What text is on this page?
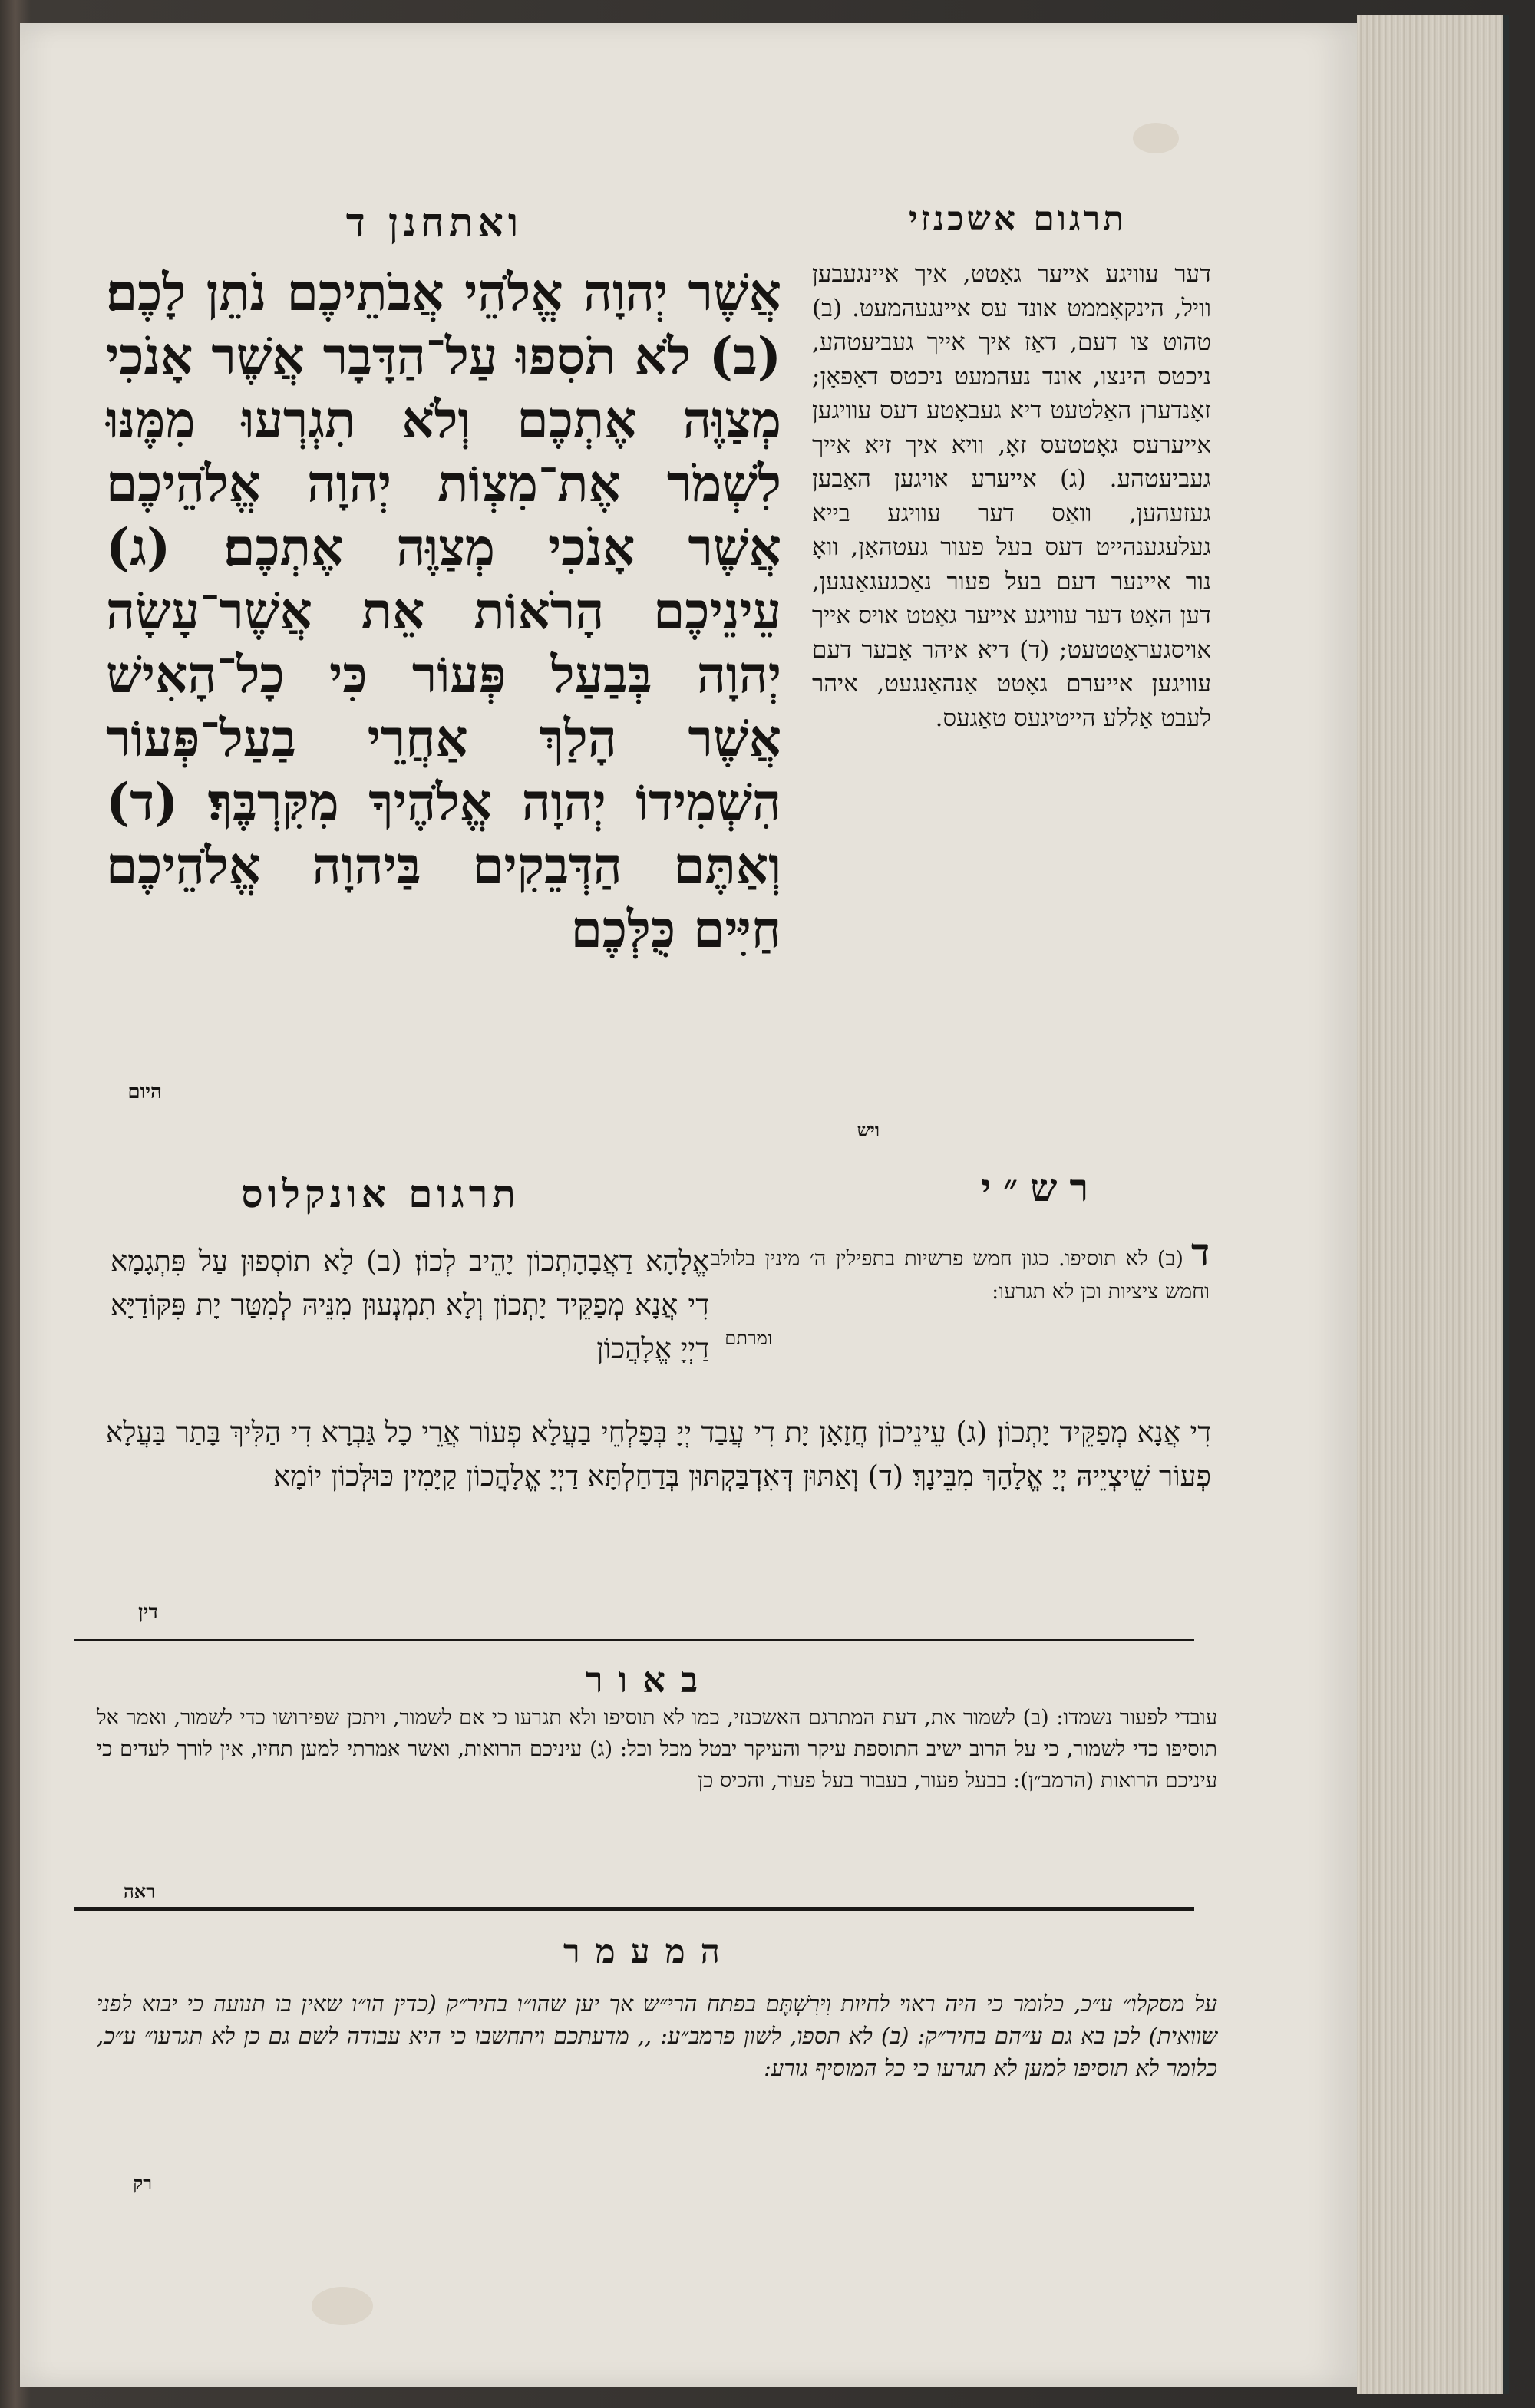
תרגום אשכנזי
ואתחנן ד
אֲשֶׁר יְהוָה אֱלֹהֵי אֲבֹתֵיכֶם נֹתֵן לָכֶם׃ (ב) לֹא תֹסִפוּ עַל־הַדָּבָר אֲשֶׁר אָנֹכִי מְצַוֶּה אֶתְכֶם וְלֹא תִגְרְעוּ מִמֶּנּוּ לִשְׁמֹר אֶת־מִצְוֹת יְהוָה אֱלֹהֵיכֶם אֲשֶׁר אָנֹכִי מְצַוֶּה אֶתְכֶם׃ (ג) עֵינֵיכֶם הָרֹאוֹת אֵת אֲשֶׁר־עָשָׂה יְהוָה בְּבַעַל פְּעוֹר כִּי כָל־הָאִישׁ אֲשֶׁר הָלַךְ אַחֲרֵי בַעַל־פְּעוֹר הִשְׁמִידוֹ יְהוָה אֱלֹהֶיךָ מִקִּרְבֶּךָ׃ (ד) וְאַתֶּם הַדְּבֵקִים בַּיהוָה אֱלֹהֵיכֶם חַיִּים כֻּלְּכֶם
היום
דער עוויגע אייער גאָטט, איך איינגעבען וויל, הינקאָממט אונד עס איינגעהמעט. (ב) טהוט צו דעם, דאַז איך אייך געביעטהע, ניכטס הינצו, אונד נעהמעט ניכטס דאַפאָן; זאָנדערן האַלטעט דיא געבאָטע דעס עוויגען אייערעס גאָטטעס זאָ, וויא איך זיא אייך געביעטהע. (ג) אייערע אויגען האָבען געזעהען, וואַס דער עוויגע בייא געלעגענהייט דעס בעל פעור געטהאַן, וואָ נור איינער דעם בעל פעור נאַכגעגאַנגען, דען האָט דער עוויגע אייער גאָטט אויס אייך אויסגעראָטטעט; (ד) דיא איהר אַבער דעם עוויגען אייערם גאָטט אַנהאַנגעט, איהר לעבט אַללע הייטיגעס טאַגעס.
ויש
רש״י
ד(ב) לא תוסיפו. כגון חמש פרשיות בתפילין ה׳ מינין בלולב וחמש ציציות וכן לא תגרעו:
ומרתם
תרגום אונקלוס
אֱלָהָא דַאֲבָהָתְכוֹן יָהֵיב לְכוֹן׃ (ב) לָא תוֹסְפוּן עַל פִּתְגָמָא דִי אֲנָא מְפַקֵּיד יָתְכוֹן וְלָא תִמְנְעוּן מִנֵּיהּ לְמִטַּר יָת פִּקּוֹדַיָּא דַיְיָ אֱלָהֲכוֹן
דִי אֲנָא מְפַקֵּיד יָתְכוֹן׃ (ג) עֵינֵיכוֹן חֲזָאָן יָת דִי עֲבַד יְיָ בְּפָלְחֵי בַעֲלָא פְעוֹר אֲרֵי כָל גַּבְרָא דִי הַלִּיךְ בָּתַר בַּעֲלָא פְעוֹר שֵׁיצְיֵיהּ יְיָ אֱלָהָךְ מִבֵּינָךְ׃ (ד) וְאַתּוּן דְּאִדְבַּקְתּוּן בְּדַחַלְתָּא דַיְיָ אֱלָהֲכוֹן קַיָּמִין כּוּלְּכוֹן יוֹמָא
דין
באור
עובדי לפעור נשמדו: (ב) לשמור את, דעת המתרגם האשכנזי, כמו לא תוסיפו ולא תגרעו כי אם לשמור, ויתכן שפירושו כדי לשמור, ואמר אל תוסיפו כדי לשמור, כי על הרוב ישיב התוספת עיקר והעיקר יבטל מכל וכל: (ג) עיניכם הרואות, ואשר אמרתי למען תחיו, אין לורך לעדים כי עיניכם הרואות (הרמב״ן): בבעל פעור, בעבור בעל פעור, והכיס כן
ראה
המעמר
על מסקלו״ ע״כ, כלומר כי היה ראוי לחיות וִירִשְׁתֶּם בפתח הרי״ש אך יען שהו״ו בחיר״ק (כדין הו״ו שאין בו תנועה כי יבוא לפני שוואית) לכן בא גם ע״הם בחיר״ק: (ב) לא תספו, לשון פרמב״ע: ,, מדעתכם ויתחשבו כי היא עבודה לשם גם כן לא תגרעו״ ע״כ, כלומר לא תוסיפו למען לא תגרעו כי כל המוסיף גורע:
רק
